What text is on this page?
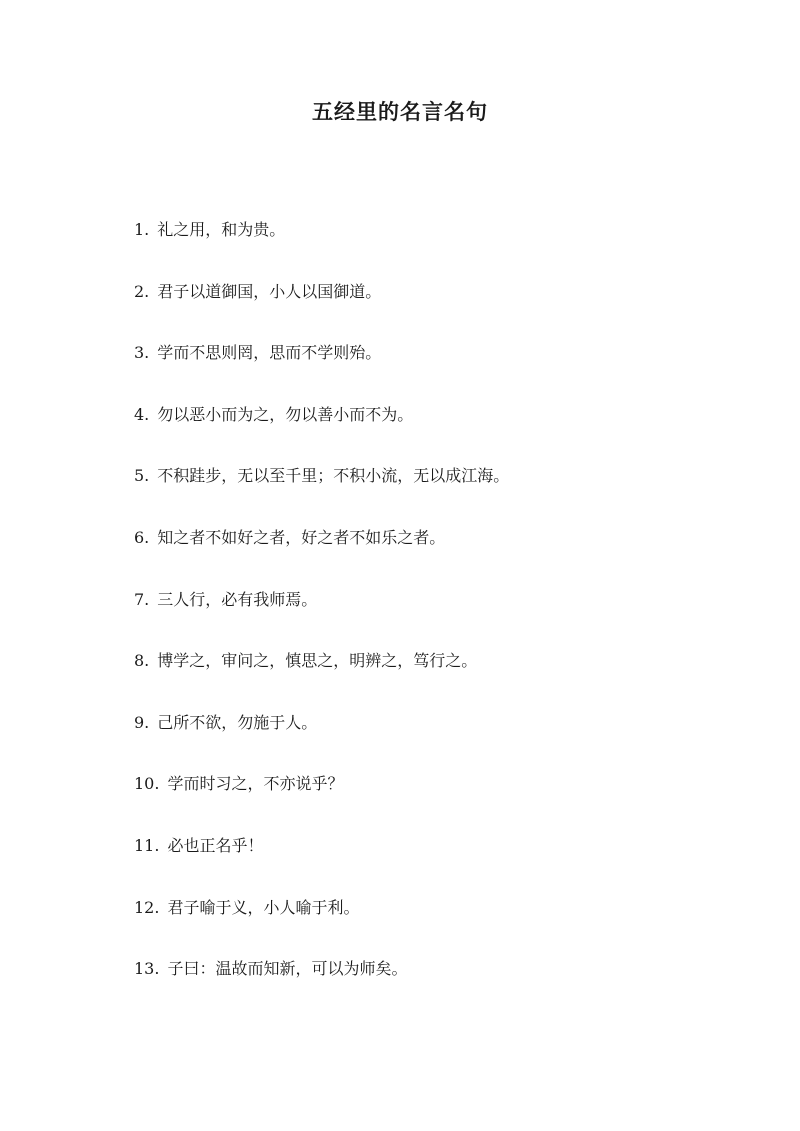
五经里的名言名句
1. 礼之用，和为贵。
2. 君子以道御国，小人以国御道。
3. 学而不思则罔，思而不学则殆。
4. 勿以恶小而为之，勿以善小而不为。
5. 不积跬步，无以至千里；不积小流，无以成江海。
6. 知之者不如好之者，好之者不如乐之者。
7. 三人行，必有我师焉。
8. 博学之，审问之，慎思之，明辨之，笃行之。
9. 己所不欲，勿施于人。
10. 学而时习之，不亦说乎？
11. 必也正名乎！
12. 君子喻于义，小人喻于利。
13. 子曰：温故而知新，可以为师矣。
